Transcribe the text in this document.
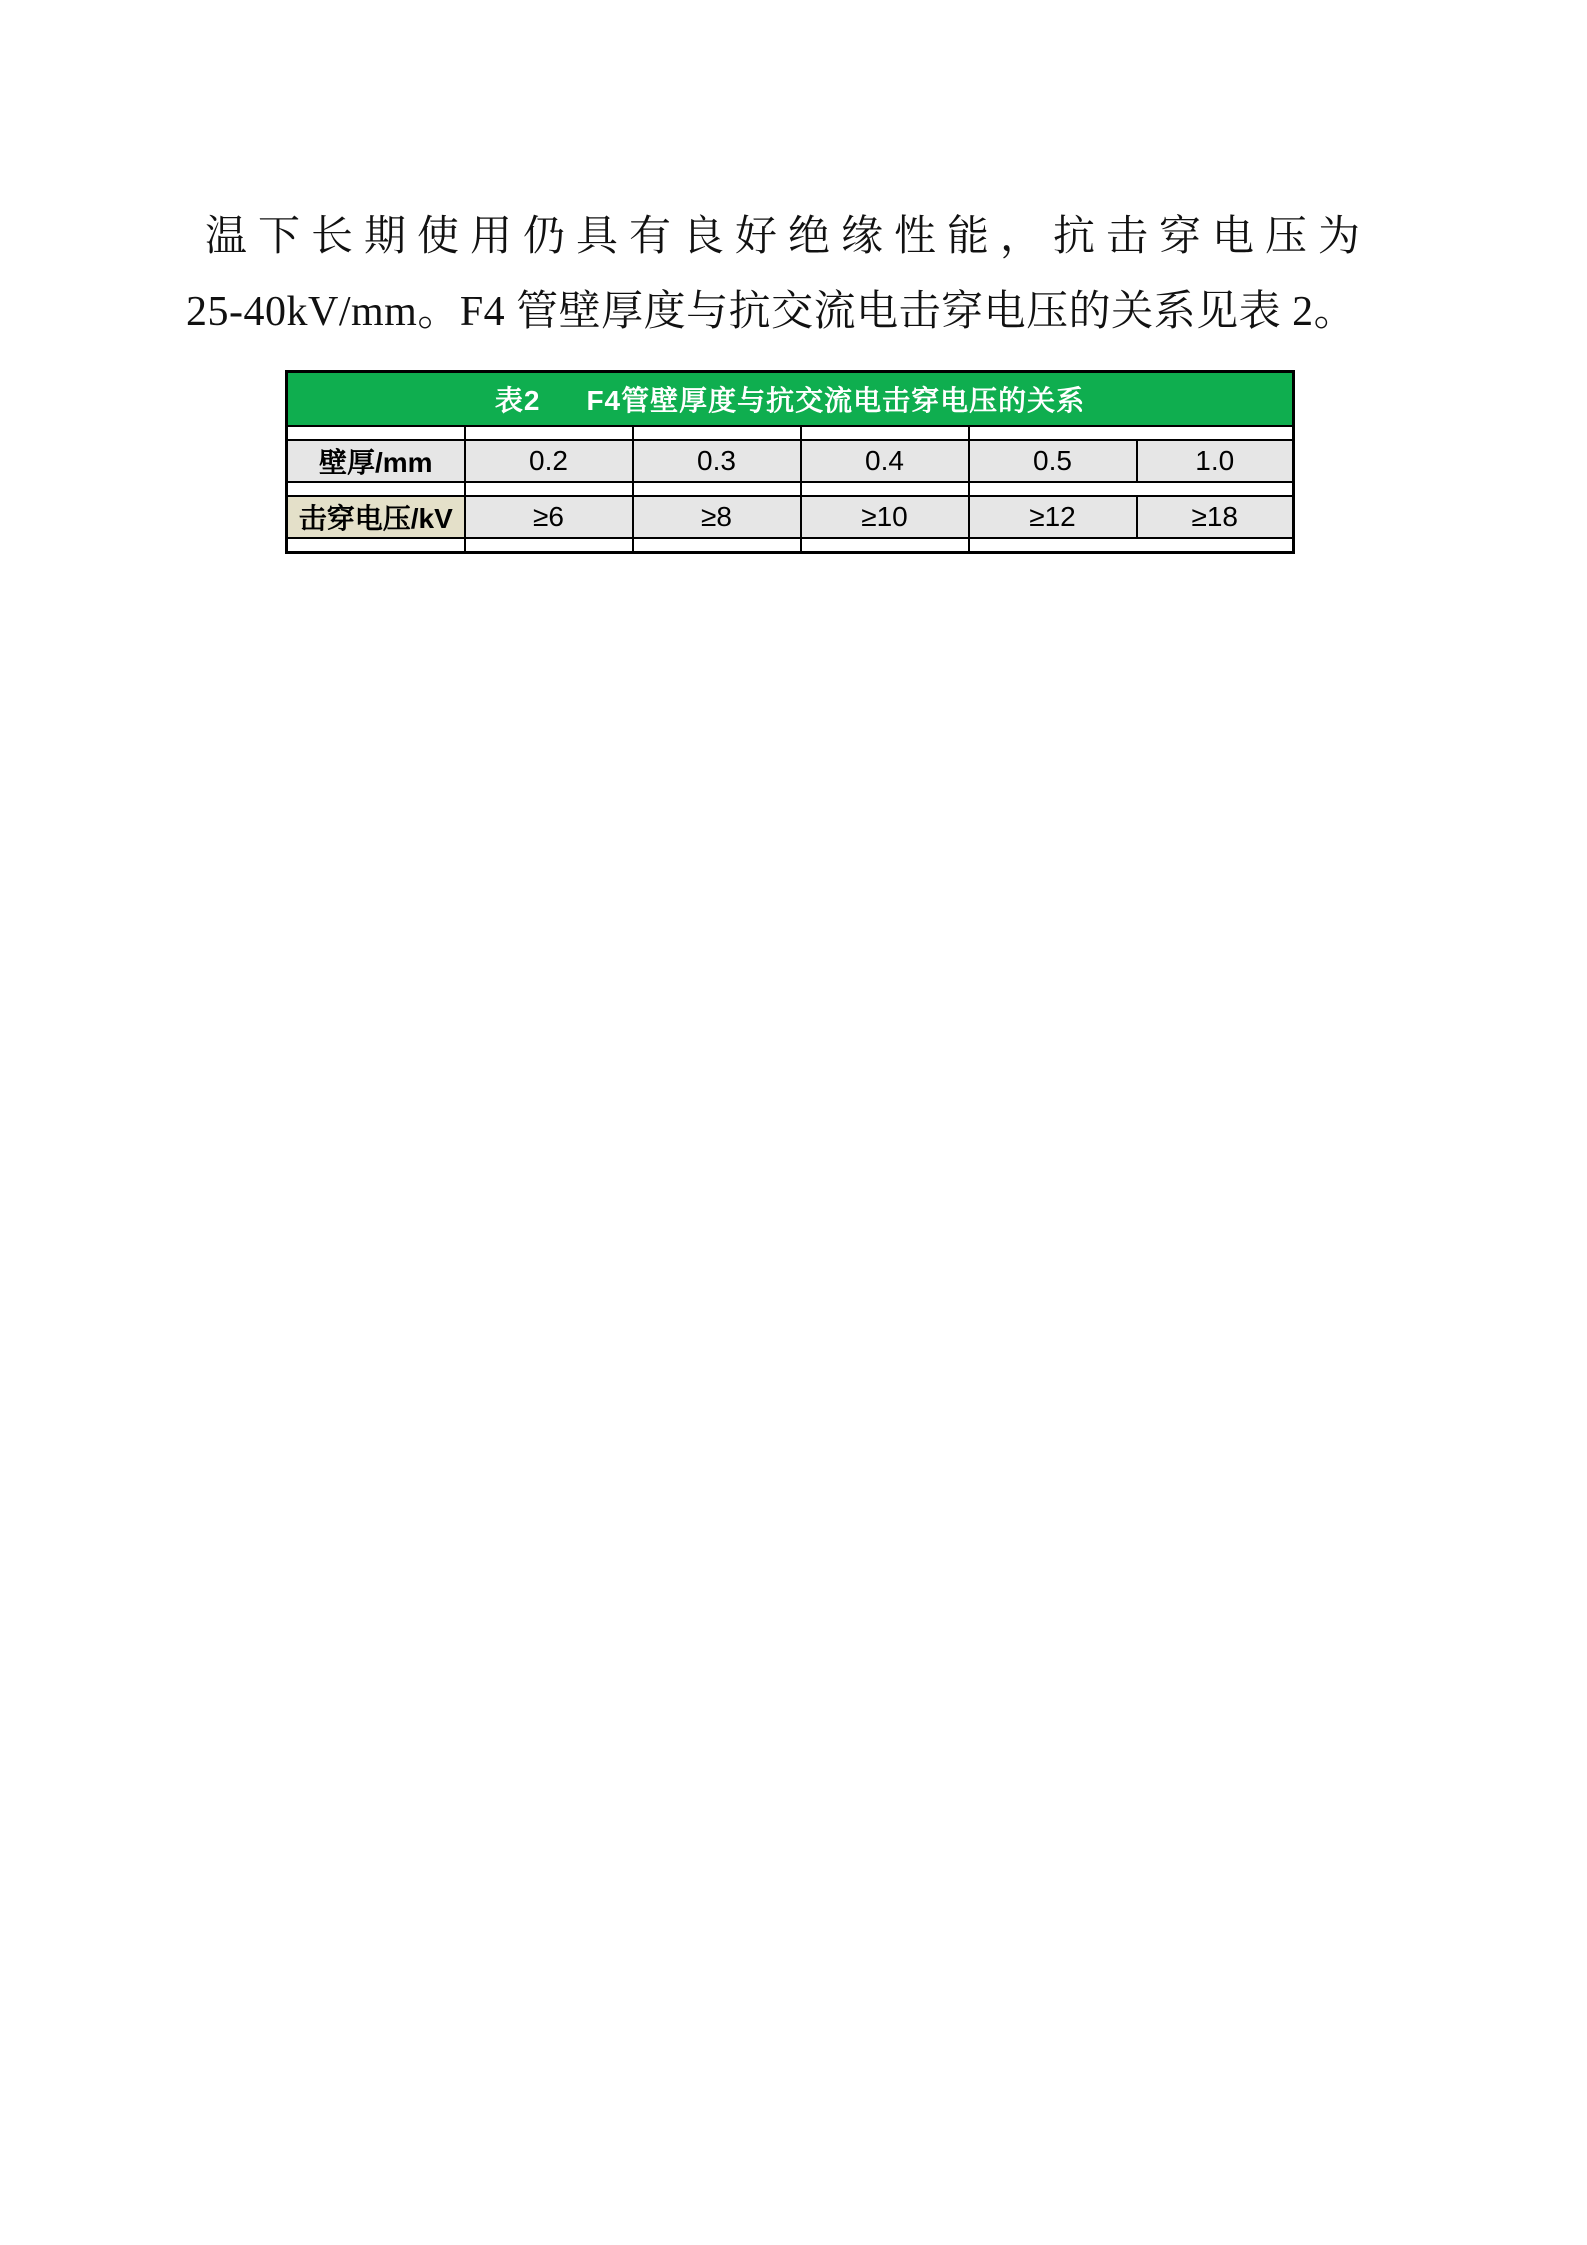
温下长期使用仍具有良好绝缘性能，抗击穿电压为

25-40kV/mm。F4 管壁厚度与抗交流电击穿电压的关系见表 2。

表2 F4管壁厚度与抗交流电击穿电压的关系					

壁厚/mm	0.2	0.3	0.4	0.5	1.0

击穿电压/kV	≥6	≥8	≥10	≥12	≥18
